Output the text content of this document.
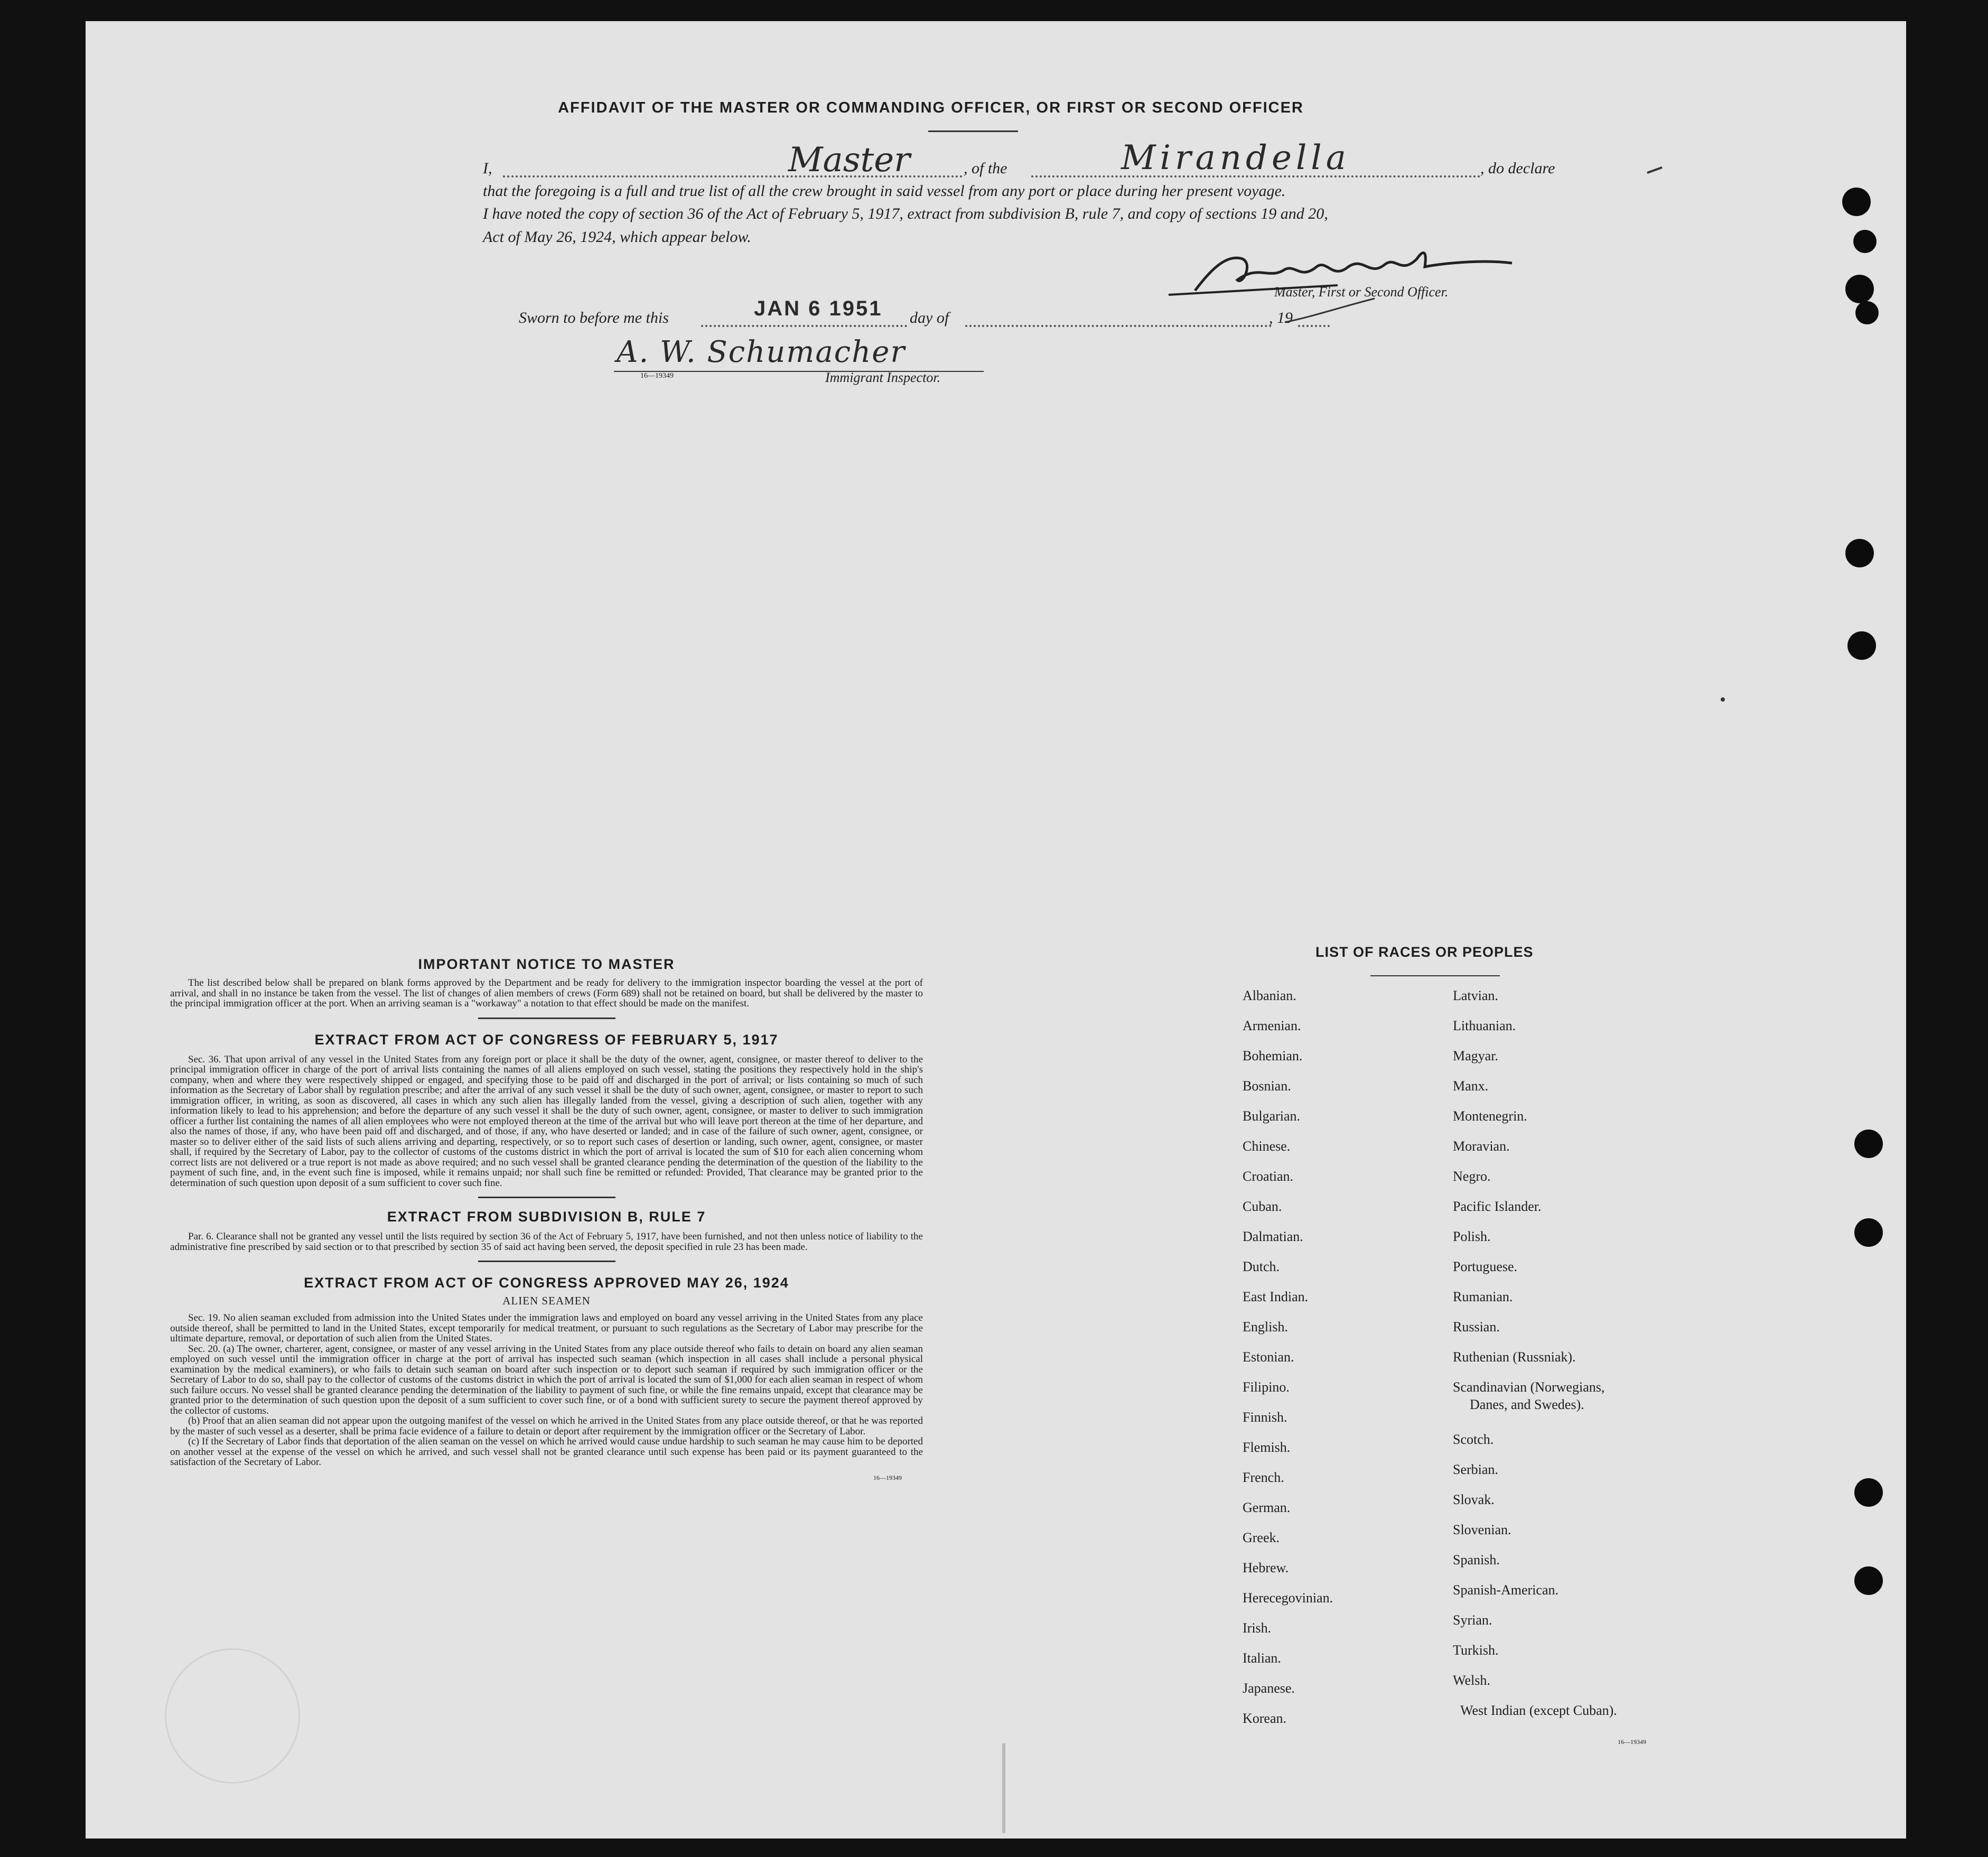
AFFIDAVIT OF THE MASTER OR COMMANDING OFFICER, OR FIRST OR SECOND OFFICER
I,	Master	, of the	Mirandella	, do declare
that the foregoing is a full and true list of all the crew brought in said vessel from any port or place during her present voyage.
I have noted the copy of section 36 of the Act of February 5, 1917, extract from subdivision B, rule 7, and copy of sections 19 and 20,
Act of May 26, 1924, which appear below.
Master, First or Second Officer.
Sworn to before me this	JAN 6 1951 day of	, 19
A. W. Schumacher
16—19349	Immigrant Inspector.
IMPORTANT NOTICE TO MASTER

The list described below shall be prepared on blank forms approved by the Department and be ready for delivery to the immigration inspector boarding the vessel at the port of arrival, and shall in no instance be taken from the vessel. The list of changes of alien members of crews (Form 689) shall not be retained on board, but shall be delivered by the master to the principal immigration officer at the port. When an arriving seaman is a "workaway" a notation to that effect should be made on the manifest.

EXTRACT FROM ACT OF CONGRESS OF FEBRUARY 5, 1917

Sec. 36. That upon arrival of any vessel in the United States from any foreign port or place it shall be the duty of the owner, agent, consignee, or master thereof to deliver to the principal immigration officer in charge of the port of arrival lists containing the names of all aliens employed on such vessel, stating the positions they respectively hold in the ship's company, when and where they were respectively shipped or engaged, and specifying those to be paid off and discharged in the port of arrival; or lists containing so much of such information as the Secretary of Labor shall by regulation prescribe; and after the arrival of any such vessel it shall be the duty of such owner, agent, consignee, or master to report to such immigration officer, in writing, as soon as discovered, all cases in which any such alien has illegally landed from the vessel, giving a description of such alien, together with any information likely to lead to his apprehension; and before the departure of any such vessel it shall be the duty of such owner, agent, consignee, or master to deliver to such immigration officer a further list containing the names of all alien employees who were not employed thereon at the time of the arrival but who will leave port thereon at the time of her departure, and also the names of those, if any, who have been paid off and discharged, and of those, if any, who have deserted or landed; and in case of the failure of such owner, agent, consignee, or master so to deliver either of the said lists of such aliens arriving and departing, respectively, or so to report such cases of desertion or landing, such owner, agent, consignee, or master shall, if required by the Secretary of Labor, pay to the collector of customs of the customs district in which the port of arrival is located the sum of $10 for each alien concerning whom correct lists are not delivered or a true report is not made as above required; and no such vessel shall be granted clearance pending the determination of the question of the liability to the payment of such fine, and, in the event such fine is imposed, while it remains unpaid; nor shall such fine be remitted or refunded: Provided, That clearance may be granted prior to the determination of such question upon deposit of a sum sufficient to cover such fine.

EXTRACT FROM SUBDIVISION B, RULE 7

Par. 6. Clearance shall not be granted any vessel until the lists required by section 36 of the Act of February 5, 1917, have been furnished, and not then unless notice of liability to the administrative fine prescribed by said section or to that prescribed by section 35 of said act having been served, the deposit specified in rule 23 has been made.

EXTRACT FROM ACT OF CONGRESS APPROVED MAY 26, 1924
ALIEN SEAMEN

Sec. 19. No alien seaman excluded from admission into the United States under the immigration laws and employed on board any vessel arriving in the United States from any place outside thereof, shall be permitted to land in the United States, except temporarily for medical treatment, or pursuant to such regulations as the Secretary of Labor may prescribe for the ultimate departure, removal, or deportation of such alien from the United States.

Sec. 20. (a) The owner, charterer, agent, consignee, or master of any vessel arriving in the United States from any place outside thereof who fails to detain on board any alien seaman employed on such vessel until the immigration officer in charge at the port of arrival has inspected such seaman (which inspection in all cases shall include a personal physical examination by the medical examiners), or who fails to detain such seaman on board after such inspection or to deport such seaman if required by such immigration officer or the Secretary of Labor to do so, shall pay to the collector of customs of the customs district in which the port of arrival is located the sum of $1,000 for each alien seaman in respect of whom such failure occurs. No vessel shall be granted clearance pending the determination of the liability to payment of such fine, or while the fine remains unpaid, except that clearance may be granted prior to the determination of such question upon the deposit of a sum sufficient to cover such fine, or of a bond with sufficient surety to secure the payment thereof approved by the collector of customs.

(b) Proof that an alien seaman did not appear upon the outgoing manifest of the vessel on which he arrived in the United States from any place outside thereof, or that he was reported by the master of such vessel as a deserter, shall be prima facie evidence of a failure to detain or deport after requirement by the immigration officer or the Secretary of Labor.

(c) If the Secretary of Labor finds that deportation of the alien seaman on the vessel on which he arrived would cause undue hardship to such seaman he may cause him to be deported on another vessel at the expense of the vessel on which he arrived, and such vessel shall not be granted clearance until such expense has been paid or its payment guaranteed to the satisfaction of the Secretary of Labor.

16—19349
LIST OF RACES OR PEOPLES
Albanian.
Armenian.
Bohemian.
Bosnian.
Bulgarian.
Chinese.
Croatian.
Cuban.
Dalmatian.
Dutch.
East Indian.
English.
Estonian.
Filipino.
Finnish.
Flemish.
French.
German.
Greek.
Hebrew.
Herecegovinian.
Irish.
Italian.
Japanese.
Korean.
Latvian.
Lithuanian.
Magyar.
Manx.
Montenegrin.
Moravian.
Negro.
Pacific Islander.
Polish.
Portuguese.
Rumanian.
Russian.
Ruthenian (Russniak).
Scandinavian (Norwegians,
Danes, and Swedes).
Scotch.
Serbian.
Slovak.
Slovenian.
Spanish.
Spanish-American.
Syrian.
Turkish.
Welsh.
West Indian (except Cuban).
16—19349
